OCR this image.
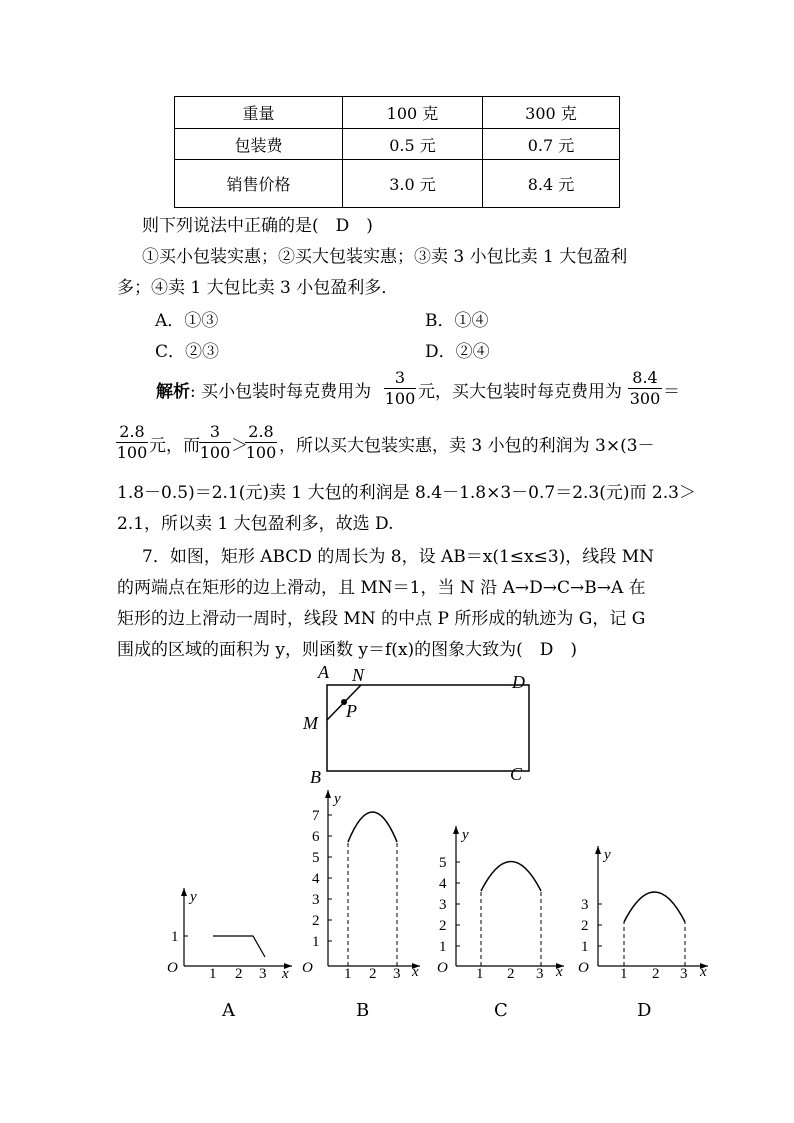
重量	100 克	300 克
包装费	0.5 元	0.7 元
销售价格	3.0 元	8.4 元
则下列说法中正确的是(　D　)
①买小包装实惠；②买大包装实惠；③卖 3 小包比卖 1 大包盈利
多；④卖 1 大包比卖 3 小包盈利多．
A．①③	B．①④
C．②③	D．②④
解析: 买小包装时每克费用为 $\frac{3}{100}$ 元，买大包装时每克费用为 $\frac{8.4}{300}$ ＝
$\frac{2.8}{100}$ 元，而 $\frac{3}{100}$ ＞
$\frac{2.8}{100}$ ，所以买大包装实惠，卖 3 小包的利润为 3×(3－
1.8－0.5)＝2.1(元)卖 1 大包的利润是 8.4－1.8×3－0.7＝2.3(元)而 2.3＞
2.1，所以卖 1 大包盈利多，故选 D.
7．如图，矩形 ABCD 的周长为 8，设 AB＝x(1≤x≤3)，线段 MN
的两端点在矩形的边上滑动，且 MN＝1，当 N 沿 A→D→C→B→A 在
矩形的边上滑动一周时，线段 MN 的中点 P 所形成的轨迹为 G，记 G
围成的区域的面积为 y，则函数 y＝f(x)的图象大致为(　D　)
A N	D
M
P
B	C
y
x
O
1
1 2 3
A
y
x
O
1
2
3
4
5
6
7
1 2 3
B
y
x
O
1
2
3
4
5
1 2 3
C
y
x
O
1
2
3
1 2 3
D
